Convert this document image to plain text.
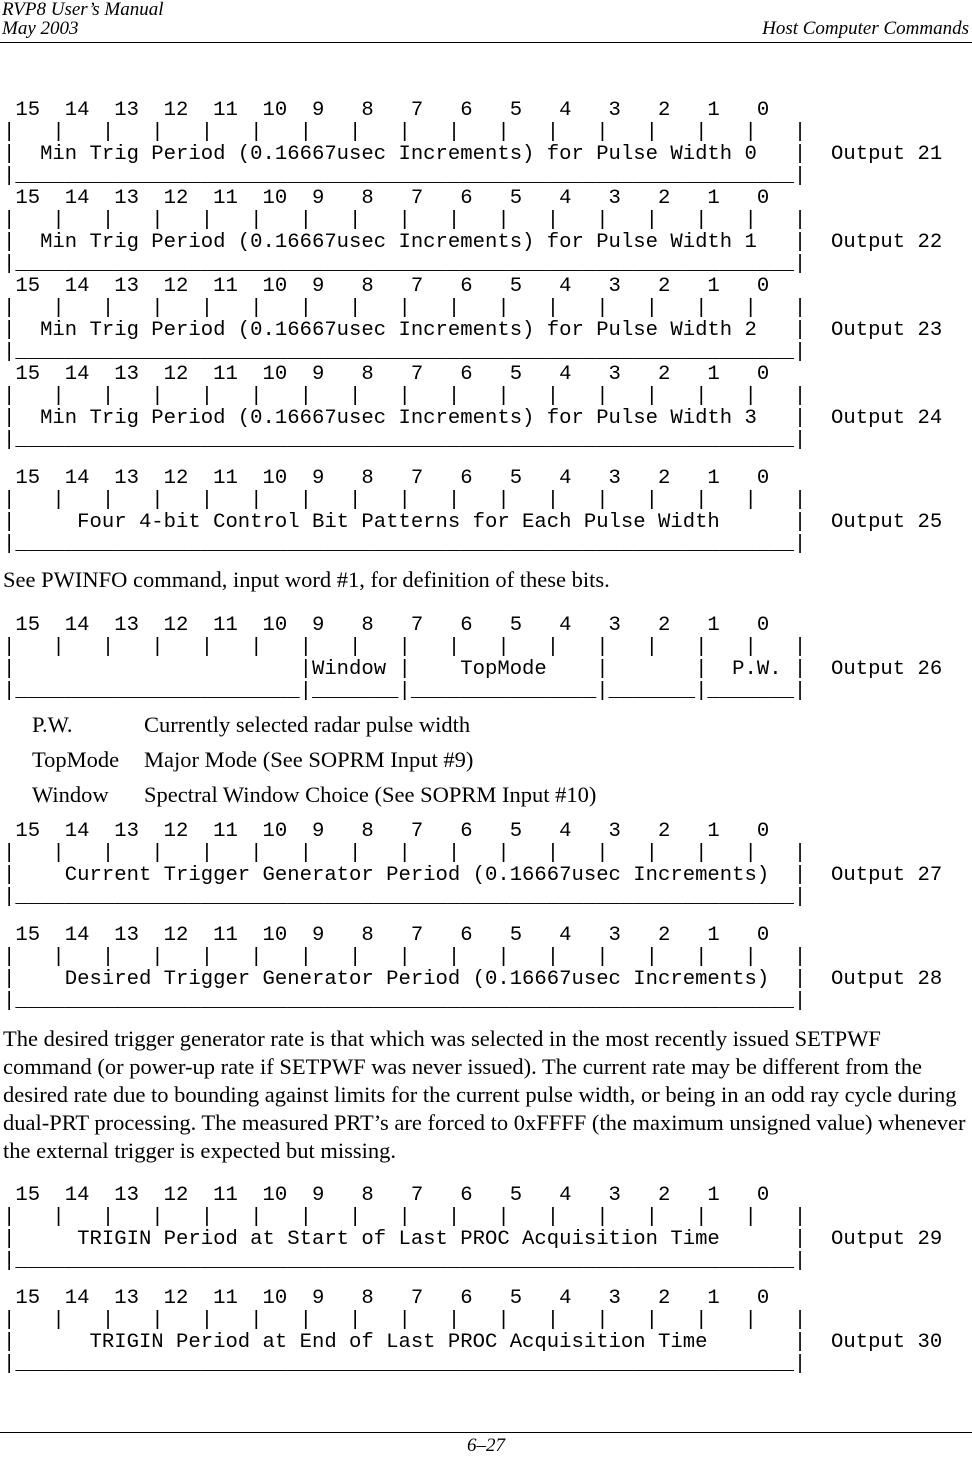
RVP8 User’s Manual
May 2003	Host Computer Commands
15  14  13  12  11  10  9   8   7   6   5   4   3   2   1   0
|   |   |   |   |   |   |   |   |   |   |   |   |   |   |   |   |
|  Min Trig Period (0.16667usec Increments) for Pulse Width 0   |  Output 21
|_______________________________________________________________|
15  14  13  12  11  10  9   8   7   6   5   4   3   2   1   0
|   |   |   |   |   |   |   |   |   |   |   |   |   |   |   |   |
|  Min Trig Period (0.16667usec Increments) for Pulse Width 1   |  Output 22
|_______________________________________________________________|
15  14  13  12  11  10  9   8   7   6   5   4   3   2   1   0
|   |   |   |   |   |   |   |   |   |   |   |   |   |   |   |   |
|  Min Trig Period (0.16667usec Increments) for Pulse Width 2   |  Output 23
|_______________________________________________________________|
15  14  13  12  11  10  9   8   7   6   5   4   3   2   1   0
|   |   |   |   |   |   |   |   |   |   |   |   |   |   |   |   |
|  Min Trig Period (0.16667usec Increments) for Pulse Width 3   |  Output 24
|_______________________________________________________________|
15  14  13  12  11  10  9   8   7   6   5   4   3   2   1   0
|   |   |   |   |   |   |   |   |   |   |   |   |   |   |   |   |
|     Four 4-bit Control Bit Patterns for Each Pulse Width      |  Output 25
|_______________________________________________________________|

See PWINFO command, input word #1, for definition of these bits.

15  14  13  12  11  10  9   8   7   6   5   4   3   2   1   0
|   |   |   |   |   |   |   |   |   |   |   |   |   |   |   |   |
|                       |Window |    TopMode    |       |  P.W. |  Output 26
|_______________________|_______|_______________|_______|_______|
P.W.	Currently selected radar pulse width
TopMode	Major Mode (See SOPRM Input #9)
Window	Spectral Window Choice (See SOPRM Input #10)
15  14  13  12  11  10  9   8   7   6   5   4   3   2   1   0
|   |   |   |   |   |   |   |   |   |   |   |   |   |   |   |   |
|    Current Trigger Generator Period (0.16667usec Increments)  |  Output 27
|_______________________________________________________________|
15  14  13  12  11  10  9   8   7   6   5   4   3   2   1   0
|   |   |   |   |   |   |   |   |   |   |   |   |   |   |   |   |
|    Desired Trigger Generator Period (0.16667usec Increments)  |  Output 28
|_______________________________________________________________|

The desired trigger generator rate is that which was selected in the most recently issued SETPWF command (or power-up rate if SETPWF was never issued). The current rate may be different from the desired rate due to bounding against limits for the current pulse width, or being in an odd ray cycle during dual-PRT processing. The measured PRT’s are forced to 0xFFFF (the maximum unsigned value) whenever the external trigger is expected but missing.

15  14  13  12  11  10  9   8   7   6   5   4   3   2   1   0
|   |   |   |   |   |   |   |   |   |   |   |   |   |   |   |   |
|     TRIGIN Period at Start of Last PROC Acquisition Time      |  Output 29
|_______________________________________________________________|
15  14  13  12  11  10  9   8   7   6   5   4   3   2   1   0
|   |   |   |   |   |   |   |   |   |   |   |   |   |   |   |   |
|      TRIGIN Period at End of Last PROC Acquisition Time       |  Output 30
|_______________________________________________________________|
6–27
